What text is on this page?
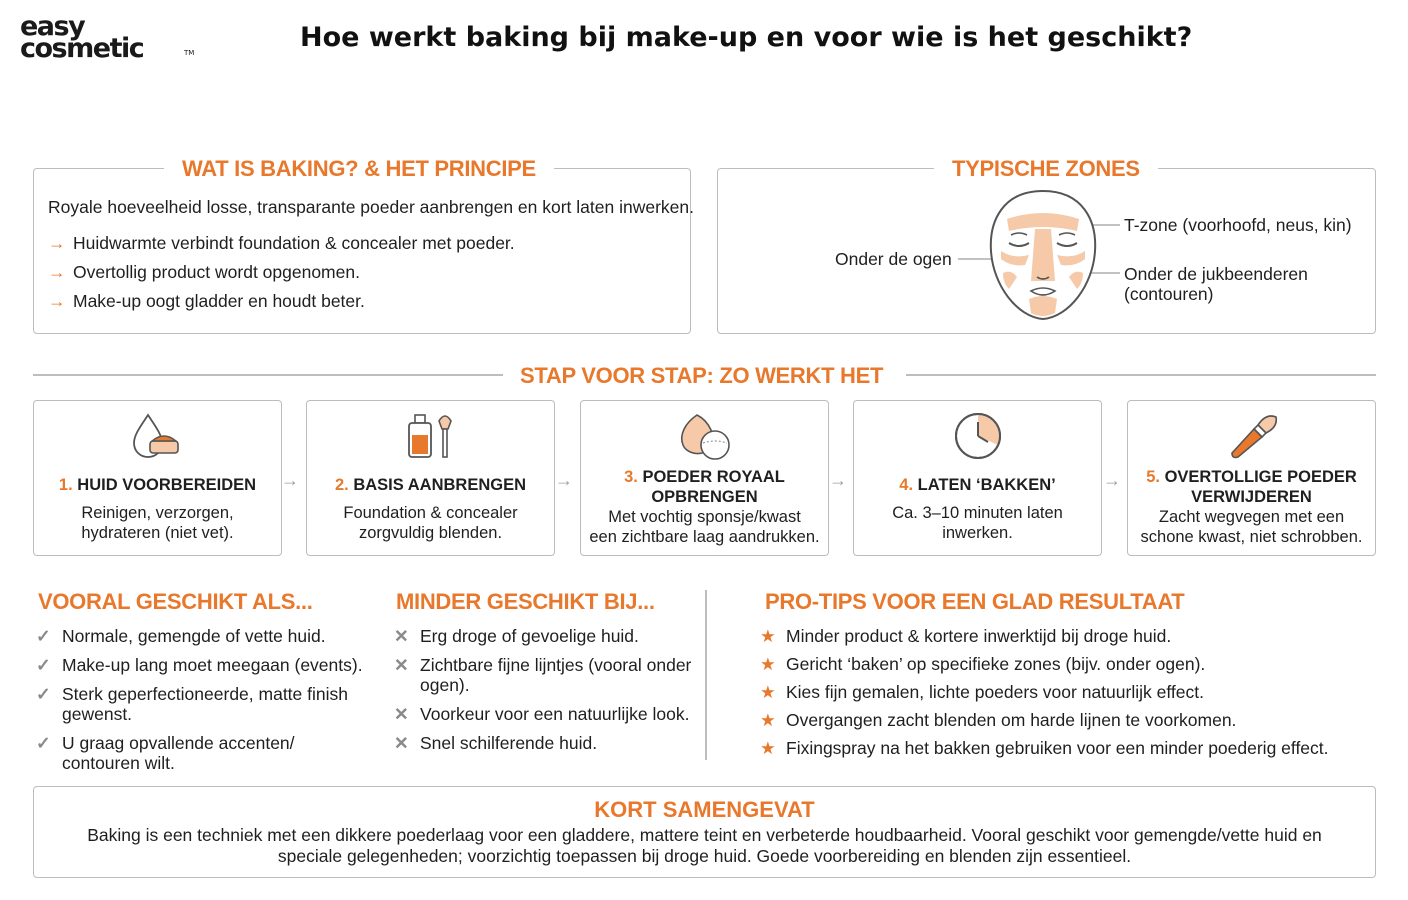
easy
cosmetic	TM	Hoe werkt baking bij make-up en voor wie is het geschikt?
WAT IS BAKING? & HET PRINCIPE
Royale hoeveelheid losse, transparante poeder aanbrengen en kort laten inwerken.
→ Huidwarmte verbindt foundation & concealer met poeder.
→ Overtollig product wordt opgenomen.
→ Make-up oogt gladder en houdt beter.
TYPISCHE ZONES
Onder de ogen
T-zone (voorhoofd, neus, kin)
Onder de jukbeenderen
(contouren)
STAP VOOR STAP: ZO WERKT HET
1. HUID VOORBEREIDEN
Reinigen, verzorgen,
hydrateren (niet vet).
→	2. BASIS AANBRENGEN
Foundation & concealer
zorgvuldig blenden.
→	3. POEDER ROYAAL
OPBRENGEN
Met vochtig sponsje/kwast
een zichtbare laag aandrukken.
→	4. LATEN ‘BAKKEN’
Ca. 3–10 minuten laten
inwerken.
→	5. OVERTOLLIGE POEDER
VERWIJDEREN
Zacht wegvegen met een
schone kwast, niet schrobben.
VOORAL GESCHIKT ALS...
✓ Normale, gemengde of vette huid.
✓ Make-up lang moet meegaan (events).
✓ Sterk geperfectioneerde, matte finish gewenst.
✓ U graag opvallende accenten/ contouren wilt.
MINDER GESCHIKT BIJ...
✕ Erg droge of gevoelige huid.
✕ Zichtbare fijne lijntjes (vooral onder ogen).
✕ Voorkeur voor een natuurlijke look.
✕ Snel schilferende huid.
PRO-TIPS VOOR EEN GLAD RESULTAAT
★ Minder product & kortere inwerktijd bij droge huid.
★ Gericht ‘baken’ op specifieke zones (bijv. onder ogen).
★ Kies fijn gemalen, lichte poeders voor natuurlijk effect.
★ Overgangen zacht blenden om harde lijnen te voorkomen.
★ Fixingspray na het bakken gebruiken voor een minder poederig effect.
KORT SAMENGEVAT
Baking is een techniek met een dikkere poederlaag voor een gladdere, mattere teint en verbeterde houdbaarheid. Vooral geschikt voor gemengde/vette huid en speciale gelegenheden; voorzichtig toepassen bij droge huid. Goede voorbereiding en blenden zijn essentieel.
